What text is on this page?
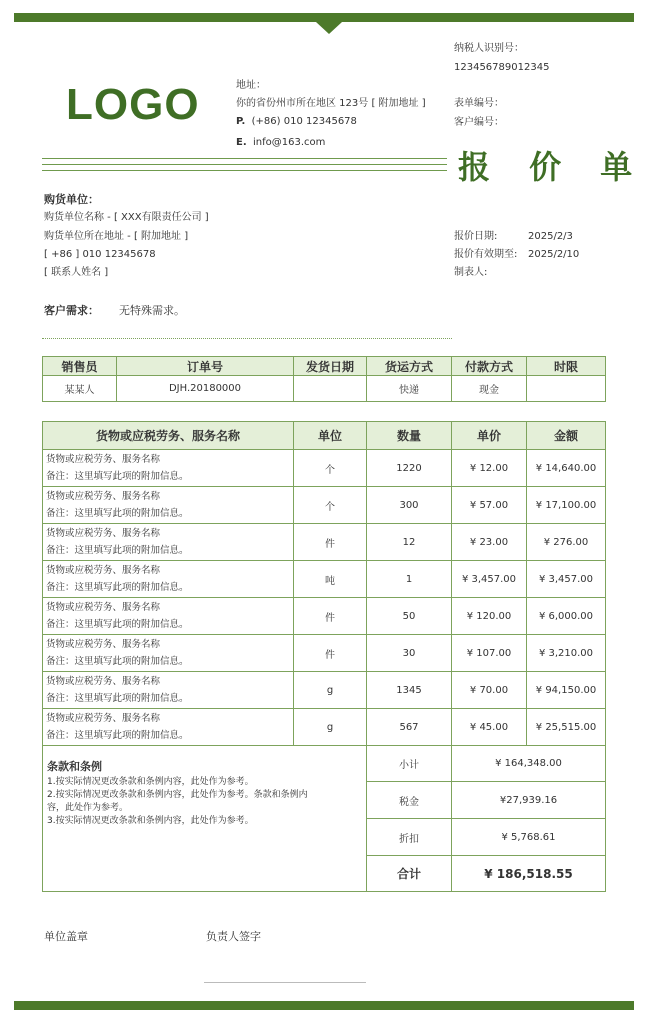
LOGO	地址：
你的省份州市所在地区 123号 [ 附加地址 ]
P. (+86) 010 12345678
E. info@163.com
纳税人识别号：
123456789012345
表单编号：
客户编号：
报 价 单
购货单位：
购货单位名称 - [ XXX有限责任公司 ]
购货单位所在地址 - [ 附加地址 ]
[ +86 ] 010 12345678
[ 联系人姓名 ]
报价日期:	2025/2/3
报价有效期至: 2025/2/10
制表人:
客户需求： 无特殊需求。
销售员	订单号	发货日期	货运方式	付款方式	时限
某某人	DJH.20180000		快递	现金	
货物或应税劳务、服务名称	单位	数量	单价	金额

货物或应税劳务、服务名称
备注：这里填写此项的附加信息。	个	1220	¥ 12.00	¥ 14,640.00

货物或应税劳务、服务名称
备注：这里填写此项的附加信息。	个	300	¥ 57.00	¥ 17,100.00

货物或应税劳务、服务名称
备注：这里填写此项的附加信息。	件	12	¥ 23.00	¥ 276.00

货物或应税劳务、服务名称
备注：这里填写此项的附加信息。	吨	1	¥ 3,457.00	¥ 3,457.00

货物或应税劳务、服务名称
备注：这里填写此项的附加信息。	件	50	¥ 120.00	¥ 6,000.00

货物或应税劳务、服务名称
备注：这里填写此项的附加信息。	件	30	¥ 107.00	¥ 3,210.00

货物或应税劳务、服务名称
备注：这里填写此项的附加信息。	g	1345	¥ 70.00	¥ 94,150.00

货物或应税劳务、服务名称
备注：这里填写此项的附加信息。	g	567	¥ 45.00	¥ 25,515.00

条款和条例
1.按实际情况更改条款和条例内容，此处作为参考。
2.按实际情况更改条款和条例内容，此处作为参考。条款和条例内
容，此处作为参考。
3.按实际情况更改条款和条例内容，此处作为参考。		小计	¥ 164,348.00	
		税金	¥27,939.16	
		折扣	¥ 5,768.61	
		合计	¥ 186,518.55	
单位盖章	负责人签字
